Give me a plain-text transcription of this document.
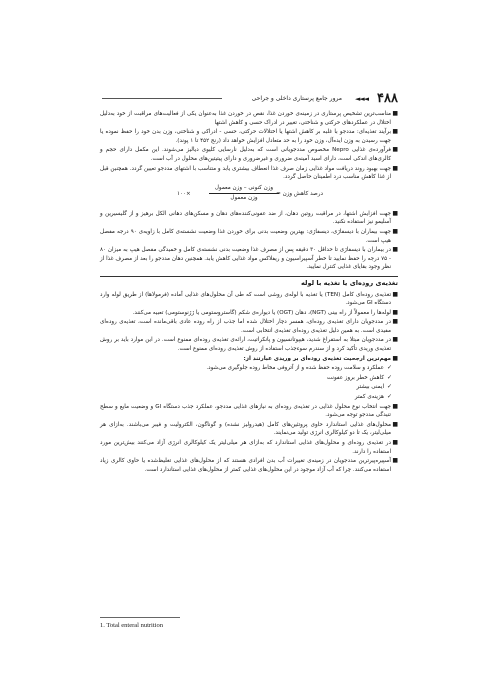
۴۸۸
◄◄◄
مرور جامع پرستاری داخلی و جراحی
■
مناسب‌ترین تشخیص پرستاری در زمینه‌ی خوردن غذا، نقص در خوردن غذا به‌عنوان یکی از فعالیت‌های مراقبت از خود به‌دلیل اختلال در عملکردهای حرکتی و شناختی، تغییر در ادراک حسی و کاهش اشتها
■
برآیند تغذیه‌ای: مددجو با غلبه بر کاهش اشتها یا اختلالات حرکتی، حسی - ادراکی و شناختی، وزن بدن خود را حفظ نموده یا جهت رسیدن به وزن ایده‌آل، وزن خود را به حد متعادل افزایش خواهد داد (رنج ۴۵۲ تا ۱ پوند).
■
فرآورده‌ی غذایی Nepro مخصوص مددجویانی است که به‌دلیل نارسایی کلیوی دیالیز می‌شوند. این مکمل دارای حجم و کالری‌های اندکی است، دارای اسید آمینه‌ی ضروری و غیرضروری و دارای پیتیتین‌های محلول در آب است.
■
جهت بهبود روند دریافت مواد غذایی زمان صرف غذا انعطاف بیشتری یابد و متناسب با اشتهای مددجو تعیین گردد. همچنین قبل از غذا کاهش مناسب درد اطمینان حاصل گردد.
درصد کاهش وزن =
وزن کنونی – وزن معمول
وزن معمول
×۱۰۰
■
جهت افزایش اشتها، در مراقبت روتین دهان، از ضد عفونی‌کننده‌های دهان و مسکن‌های دهانی الکل برهیز و از گلیسیرین و آسلیمو نیز استفاده نکنید.
■
جهت بیماران با دیسفاژی، دیسفاژی: بهترین وضعیت بدنی برای خوردن غذا وضعیت نشسته‌ی کامل با زاویه‌ی ۹۰ درجه مفصل هیپ است.
■
در بیماران با دیسفاژی تا حداقل ۳۰ دقیقه پس از مصرف غذا وضعیت بدنی نشسته‌ی کامل و خمیدگی مفصل هیپ به میزان ۸۰ - ۷۵ درجه را حفظ نمایید تا خطر آسپیراسیون و ریفلاکس مواد غذایی کاهش یابد. همچنین دهان مددجو را بعد از مصرف غذا از نظر وجود بقایای غذایی کنترل نمایید.
تغذیه‌ی روده‌ای یا تغذیه با لوله
■
تغذیه‌ی روده‌ای کامل (TEN) یا تغذیه با لوله‌ی روشی است که طی آن محلول‌های غذایی آماده (فرمولاها) از طریق لوله وارد دستگاه GI می‌شود.
■
لوله‌ها را معمولاً از راه بینی (NGT)، دهان (OGT) یا دیواره‌ی شکم (گاستروستومی یا ژژنوستومی) تعبیه می‌کنند.
■
در مددجویان دارای تغذیه‌ی روده‌ای، همسر دچار اختلال شده اما جذب از راه روده عادی باقی‌مانده است، تغذیه‌ی روده‌ای مفیدی است. به همین دلیل تغذیه‌ی روده‌ای تغذیه‌ی انتخابی است.
■
در مددجویان مبتلا به استفراغ شدید، هیپوتانسیون و پانکراتیت، ارائه‌ی تغذیه‌ی روده‌ای ممنوع است. در این موارد باید بر روش تغذیه‌ی وریدی تأکید کرد و از سندرم سوءجذب استفاده از روش تغذیه‌ی روده‌ای ممنوع است.
■
مهم‌ترین ارجحیت تغذیه‌ی روده‌ای بر وریدی عبارتند از:
✓
عملکرد و سلامت روده حفظ شده و از آتروفی مخاط روده جلوگیری می‌شود.
✓
کاهش خطر بروز عفونت
✓
ایمنی بیشتر
✓
هزینه‌ی کمتر
■
جهت انتخاب نوع محلول غذایی در تغذیه‌ی روده‌ای به نیازهای غذایی مددجو، عملکرد جذب دستگاه GI و وضعیت مایع و سطح تنیدگی مددجو توجه می‌شود.
■
محلول‌های غذایی استاندارد حاوی پروتئین‌های کامل (هیدرولیز نشده) و گوناگون، الکترولیت و فیبر می‌باشند. به‌ازای هر میلی‌لیتر، یک تا دو کیلوکالری انرژی تولید می‌نمایند.
■
در تغذیه‌ی روده‌ای و محلول‌های غذایی استاندارد که به‌ازای هر میلی‌لیتر یک کیلوکالری انرژی آزاد می‌کنند بیش‌ترین مورد استفاده را دارند.
■
آسپیره‌پیرترین مددجویان در زمینه‌ی تغییرات آب بدن افرادی هستند که از محلول‌های غذایی تغلیظ‌شده یا حاوی کالری زیاد استفاده می‌کنند. چرا که آب آزاد موجود در این محلول‌های غذایی کمتر از محلول‌های غذایی استاندارد است.
1. Total enteral nutrition
